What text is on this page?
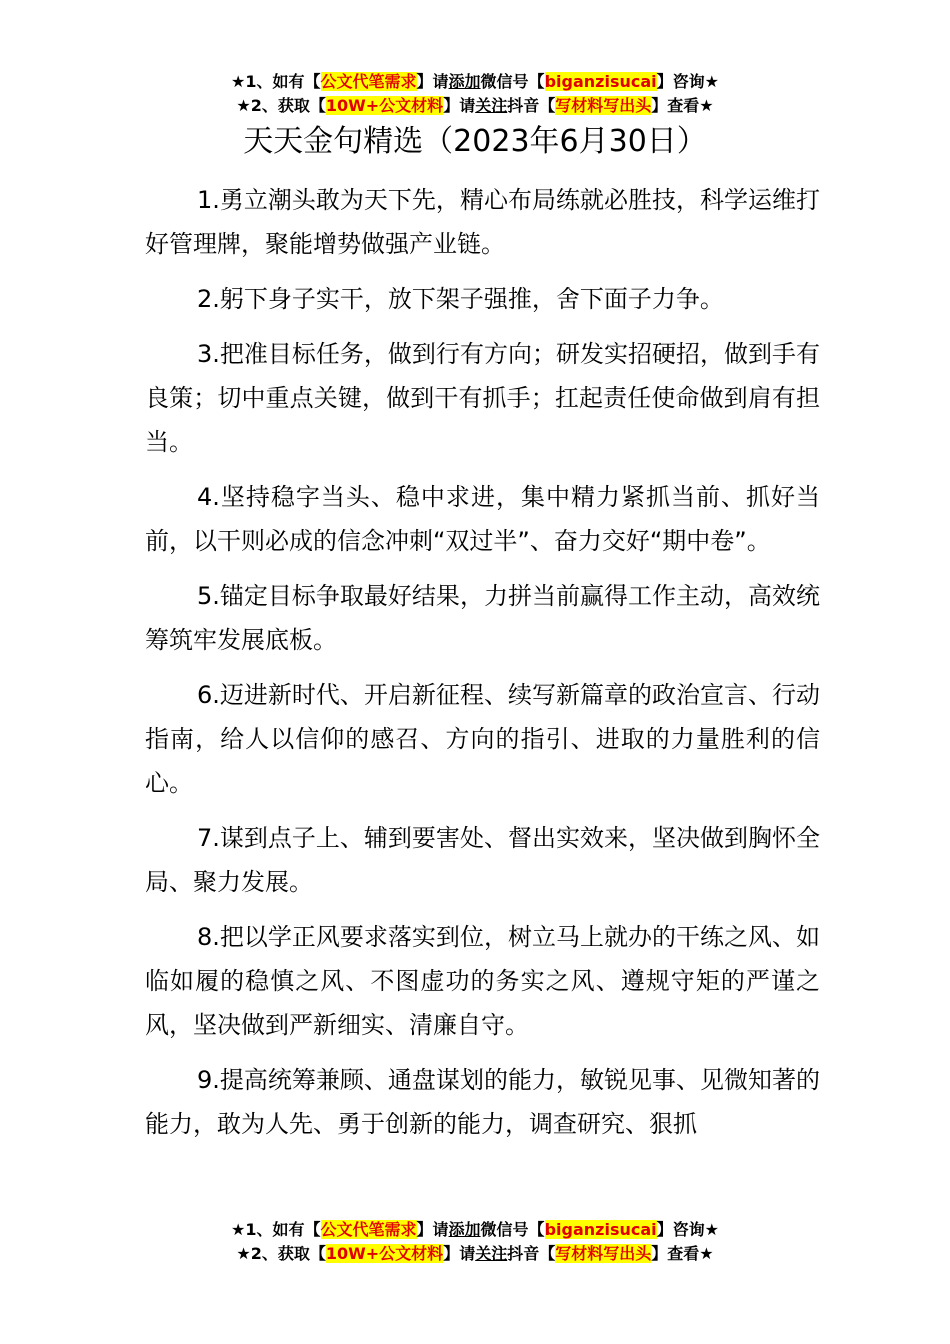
★1、如有【公文代笔需求】请添加微信号【biganzisucai】咨询★
★2、获取【10W+公文材料】请关注抖音【写材料写出头】查看★
天天金句精选（2023年6月30日）

1.勇立潮头敢为天下先，精心布局练就必胜技，科学运维打好管理牌，聚能增势做强产业链。

2.躬下身子实干，放下架子强推，舍下面子力争。

3.把准目标任务，做到行有方向；研发实招硬招，做到手有良策；切中重点关键，做到干有抓手；扛起责任使命做到肩有担当。

4.坚持稳字当头、稳中求进，集中精力紧抓当前、抓好当前，以干则必成的信念冲刺“双过半”、奋力交好“期中卷”。

5.锚定目标争取最好结果，力拼当前赢得工作主动，高效统筹筑牢发展底板。

6.迈进新时代、开启新征程、续写新篇章的政治宣言、行动指南，给人以信仰的感召、方向的指引、进取的力量胜利的信心。

7.谋到点子上、辅到要害处、督出实效来，坚决做到胸怀全局、聚力发展。

8.把以学正风要求落实到位，树立马上就办的干练之风、如临如履的稳慎之风、不图虚功的务实之风、遵规守矩的严谨之风，坚决做到严新细实、清廉自守。

9.提高统筹兼顾、通盘谋划的能力，敏锐见事、见微知著的能力，敢为人先、勇于创新的能力，调查研究、狠抓

★1、如有【公文代笔需求】请添加微信号【biganzisucai】咨询★
★2、获取【10W+公文材料】请关注抖音【写材料写出头】查看★
